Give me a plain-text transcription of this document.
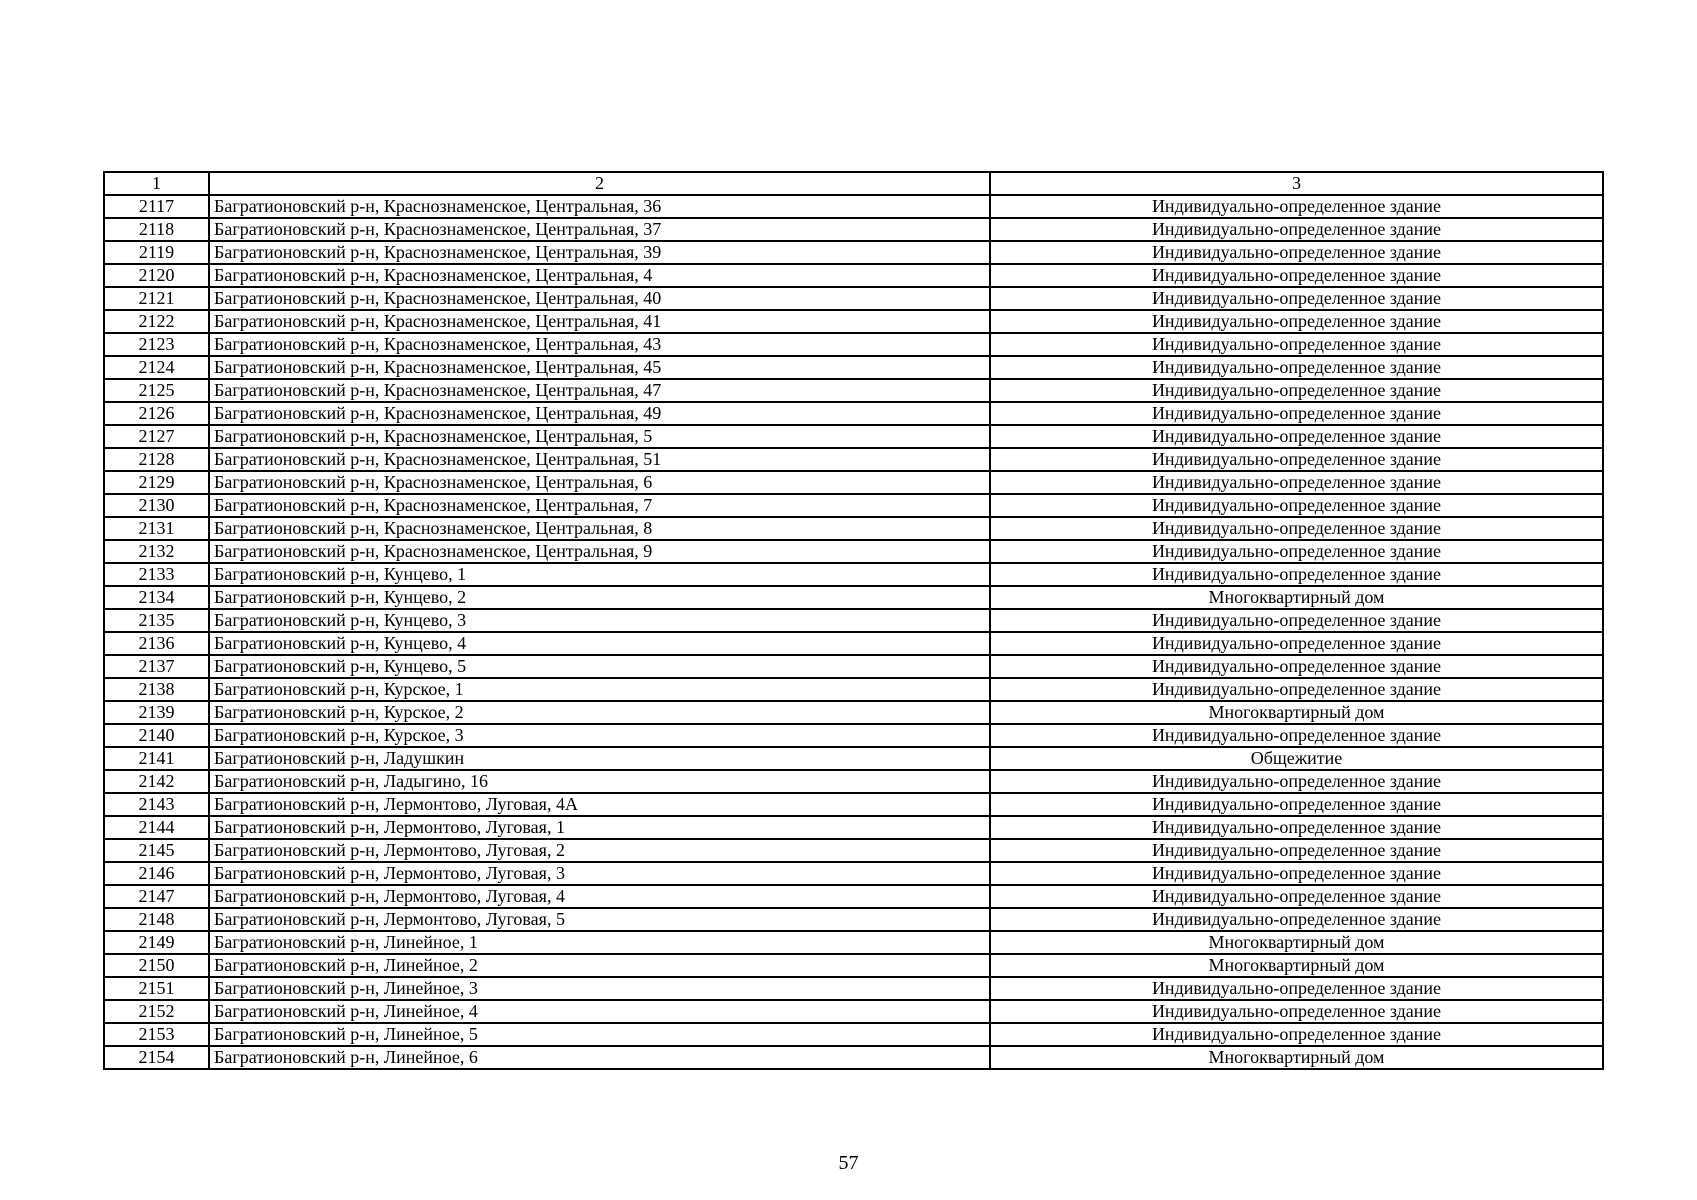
1	2	3
2117	Багратионовский р-н, Краснознаменское, Центральная, 36	Индивидуально-определенное здание
2118	Багратионовский р-н, Краснознаменское, Центральная, 37	Индивидуально-определенное здание
2119	Багратионовский р-н, Краснознаменское, Центральная, 39	Индивидуально-определенное здание
2120	Багратионовский р-н, Краснознаменское, Центральная, 4	Индивидуально-определенное здание
2121	Багратионовский р-н, Краснознаменское, Центральная, 40	Индивидуально-определенное здание
2122	Багратионовский р-н, Краснознаменское, Центральная, 41	Индивидуально-определенное здание
2123	Багратионовский р-н, Краснознаменское, Центральная, 43	Индивидуально-определенное здание
2124	Багратионовский р-н, Краснознаменское, Центральная, 45	Индивидуально-определенное здание
2125	Багратионовский р-н, Краснознаменское, Центральная, 47	Индивидуально-определенное здание
2126	Багратионовский р-н, Краснознаменское, Центральная, 49	Индивидуально-определенное здание
2127	Багратионовский р-н, Краснознаменское, Центральная, 5	Индивидуально-определенное здание
2128	Багратионовский р-н, Краснознаменское, Центральная, 51	Индивидуально-определенное здание
2129	Багратионовский р-н, Краснознаменское, Центральная, 6	Индивидуально-определенное здание
2130	Багратионовский р-н, Краснознаменское, Центральная, 7	Индивидуально-определенное здание
2131	Багратионовский р-н, Краснознаменское, Центральная, 8	Индивидуально-определенное здание
2132	Багратионовский р-н, Краснознаменское, Центральная, 9	Индивидуально-определенное здание
2133	Багратионовский р-н, Кунцево, 1	Индивидуально-определенное здание
2134	Багратионовский р-н, Кунцево, 2	Многоквартирный дом
2135	Багратионовский р-н, Кунцево, 3	Индивидуально-определенное здание
2136	Багратионовский р-н, Кунцево, 4	Индивидуально-определенное здание
2137	Багратионовский р-н, Кунцево, 5	Индивидуально-определенное здание
2138	Багратионовский р-н, Курское, 1	Индивидуально-определенное здание
2139	Багратионовский р-н, Курское, 2	Многоквартирный дом
2140	Багратионовский р-н, Курское, 3	Индивидуально-определенное здание
2141	Багратионовский р-н, Ладушкин	Общежитие
2142	Багратионовский р-н, Ладыгино, 16	Индивидуально-определенное здание
2143	Багратионовский р-н, Лермонтово, Луговая, 4А	Индивидуально-определенное здание
2144	Багратионовский р-н, Лермонтово, Луговая, 1	Индивидуально-определенное здание
2145	Багратионовский р-н, Лермонтово, Луговая, 2	Индивидуально-определенное здание
2146	Багратионовский р-н, Лермонтово, Луговая, 3	Индивидуально-определенное здание
2147	Багратионовский р-н, Лермонтово, Луговая, 4	Индивидуально-определенное здание
2148	Багратионовский р-н, Лермонтово, Луговая, 5	Индивидуально-определенное здание
2149	Багратионовский р-н, Линейное, 1	Многоквартирный дом
2150	Багратионовский р-н, Линейное, 2	Многоквартирный дом
2151	Багратионовский р-н, Линейное, 3	Индивидуально-определенное здание
2152	Багратионовский р-н, Линейное, 4	Индивидуально-определенное здание
2153	Багратионовский р-н, Линейное, 5	Индивидуально-определенное здание
2154	Багратионовский р-н, Линейное, 6	Многоквартирный дом
57
